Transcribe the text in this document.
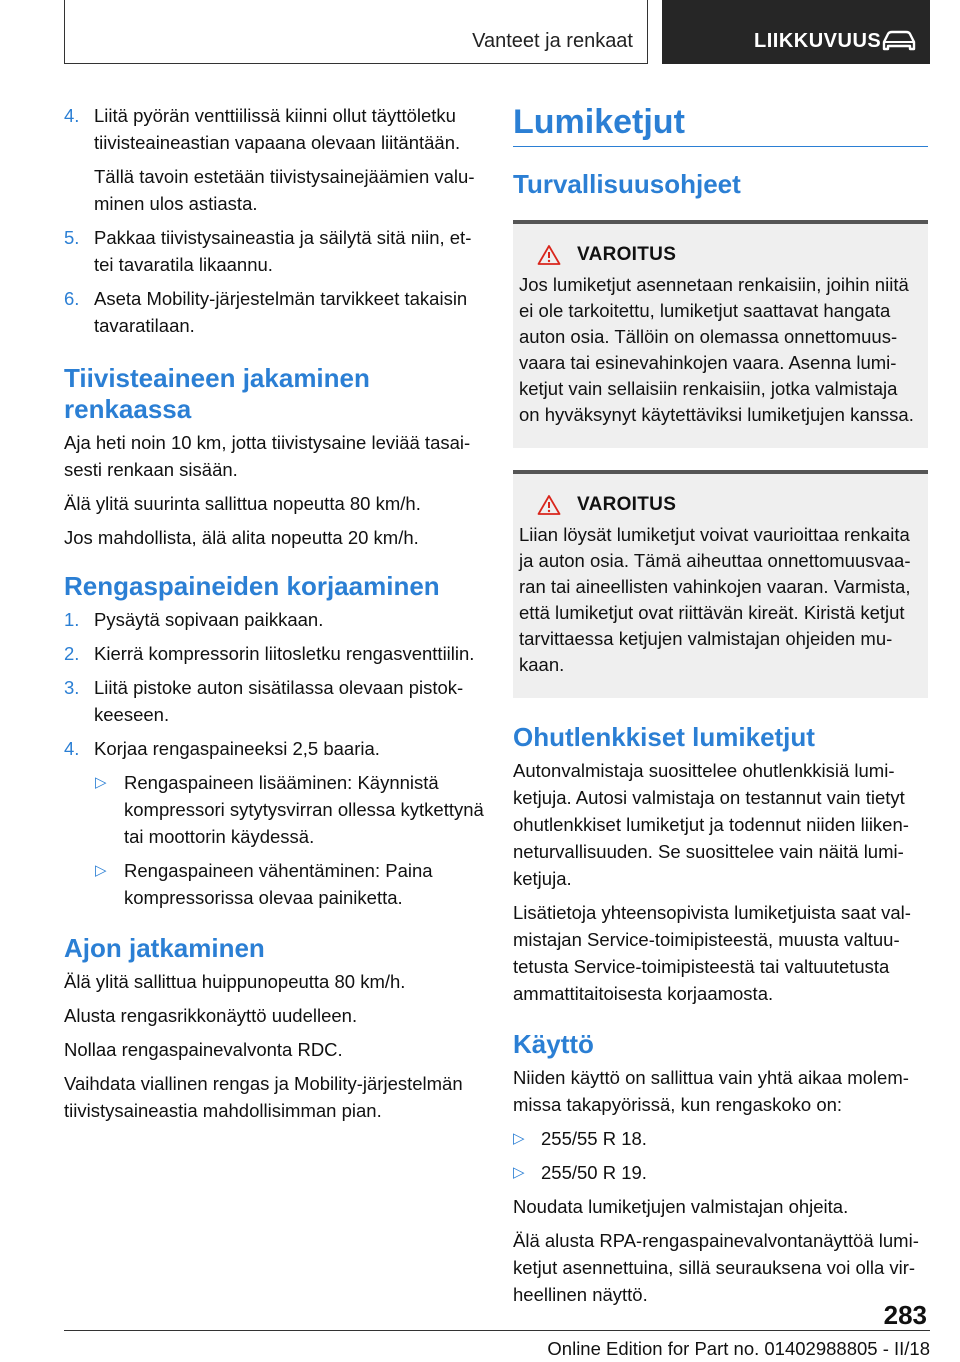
Vanteet ja renkaat	LIIKKUVUUS
4. Liitä pyörän venttiilissä kiinni ollut täyttöletku tiivisteaineastian vapaana olevaan liitäntään.
Tällä tavoin estetään tiivistysainejäämien valuminen ulos astiasta.
5. Pakkaa tiivistysaineastia ja säilytä sitä niin, ettei tavaratila likaannu.
6. Aseta Mobility-järjestelmän tarvikkeet takaisin tavaratilaan.
Tiivisteaineen jakaminen renkaassa
Aja heti noin 10 km, jotta tiivistysaine leviää tasaisesti renkaan sisään.
Älä ylitä suurinta sallittua nopeutta 80 km/h.
Jos mahdollista, älä alita nopeutta 20 km/h.
Rengaspaineiden korjaaminen
1. Pysäytä sopivaan paikkaan.
2. Kierrä kompressorin liitosletku rengasventtiilin.
3. Liitä pistoke auton sisätilassa olevaan pistokkeeseen.
4. Korjaa rengaspaineeksi 2,5 baaria.
▷ Rengaspaineen lisääminen: Käynnistä kompressori sytytysvirran ollessa kytkettynä tai moottorin käydessä.
▷ Rengaspaineen vähentäminen: Paina kompressorissa olevaa painiketta.
Ajon jatkaminen
Älä ylitä sallittua huippunopeutta 80 km/h.
Alusta rengasrikkonäyttö uudelleen.
Nollaa rengaspainevalvonta RDC.
Vaihdata viallinen rengas ja Mobility-järjestelmän tiivistysaineastia mahdollisimman pian.
Lumiketjut
Turvallisuusohjeet
VAROITUS
Jos lumiketjut asennetaan renkaisiin, joihin niitä ei ole tarkoitettu, lumiketjut saattavat hangata auton osia. Tällöin on olemassa onnettomuusvaara tai esinevahinkojen vaara. Asenna lumiketjut vain sellaisiin renkaisiin, jotka valmistaja on hyväksynyt käytettäviksi lumiketjujen kanssa.
VAROITUS
Liian löysät lumiketjut voivat vaurioittaa renkaita ja auton osia. Tämä aiheuttaa onnettomuusvaaran tai aineellisten vahinkojen vaaran. Varmista, että lumiketjut ovat riittävän kireät. Kiristä ketjut tarvittaessa ketjujen valmistajan ohjeiden mukaan.
Ohutlenkkiset lumiketjut
Autonvalmistaja suosittelee ohutlenkkisiä lumiketjuja. Autosi valmistaja on testannut vain tietyt ohutlenkkiset lumiketjut ja todennut niiden liikenneturvallisuuden. Se suosittelee vain näitä lumiketjuja.
Lisätietoja yhteensopivista lumiketjuista saat valmistajan Service-toimipisteestä, muusta valtuutetusta Service-toimipisteestä tai valtuutetusta ammattitaitoisesta korjaamosta.
Käyttö
Niiden käyttö on sallittua vain yhtä aikaa molemmissa takapyörissä, kun rengaskoko on:
▷ 255/55 R 18.
▷ 255/50 R 19.
Noudata lumiketjujen valmistajan ohjeita.
Älä alusta RPA-rengaspainevalvontanäyttöä lumiketjut asennettuina, sillä seurauksena voi olla virheellinen näyttö.
283
Online Edition for Part no. 01402988805 - II/18
